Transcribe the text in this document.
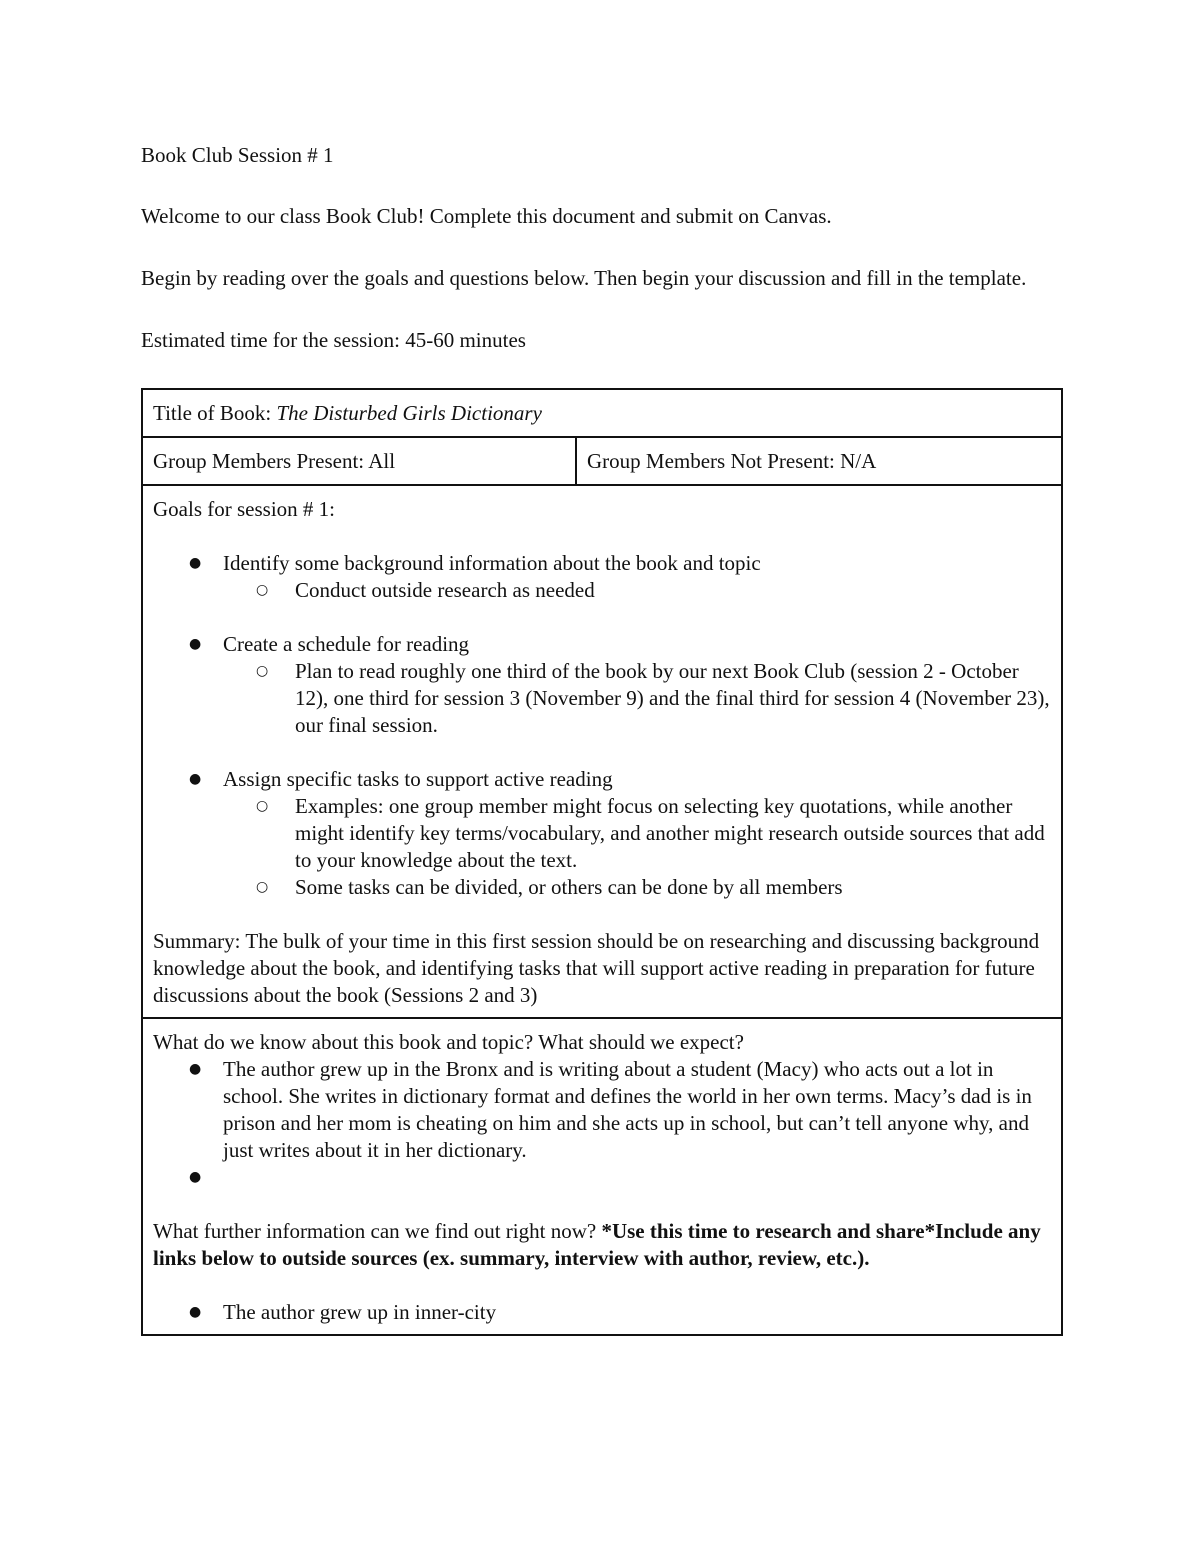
Book Club Session # 1

Welcome to our class Book Club! Complete this document and submit on Canvas.

Begin by reading over the goals and questions below. Then begin your discussion and fill in the template.

Estimated time for the session: 45-60 minutes

Title of Book: The Disturbed Girls Dictionary
Group Members Present: All	Group Members Not Present: N/A

Goals for session # 1:
● Identify some background information about the book and topic
○ Conduct outside research as needed
● Create a schedule for reading
○ Plan to read roughly one third of the book by our next Book Club (session 2 - October 12), one third for session 3 (November 9) and the final third for session 4 (November 23), our final session.
● Assign specific tasks to support active reading
○ Examples: one group member might focus on selecting key quotations, while another might identify key terms/vocabulary, and another might research outside sources that add to your knowledge about the text.
○ Some tasks can be divided, or others can be done by all members

Summary: The bulk of your time in this first session should be on researching and discussing background knowledge about the book, and identifying tasks that will support active reading in preparation for future discussions about the book (Sessions 2 and 3)

What do we know about this book and topic? What should we expect?

● The author grew up in the Bronx and is writing about a student (Macy) who acts out a lot in school. She writes in dictionary format and defines the world in her own terms. Macy’s dad is in prison and her mom is cheating on him and she acts up in school, but can’t tell anyone why, and just writes about it in her dictionary.
●

What further information can we find out right now? *Use this time to research and share*Include any links below to outside sources (ex. summary, interview with author, review, etc.).

● The author grew up in inner-city
